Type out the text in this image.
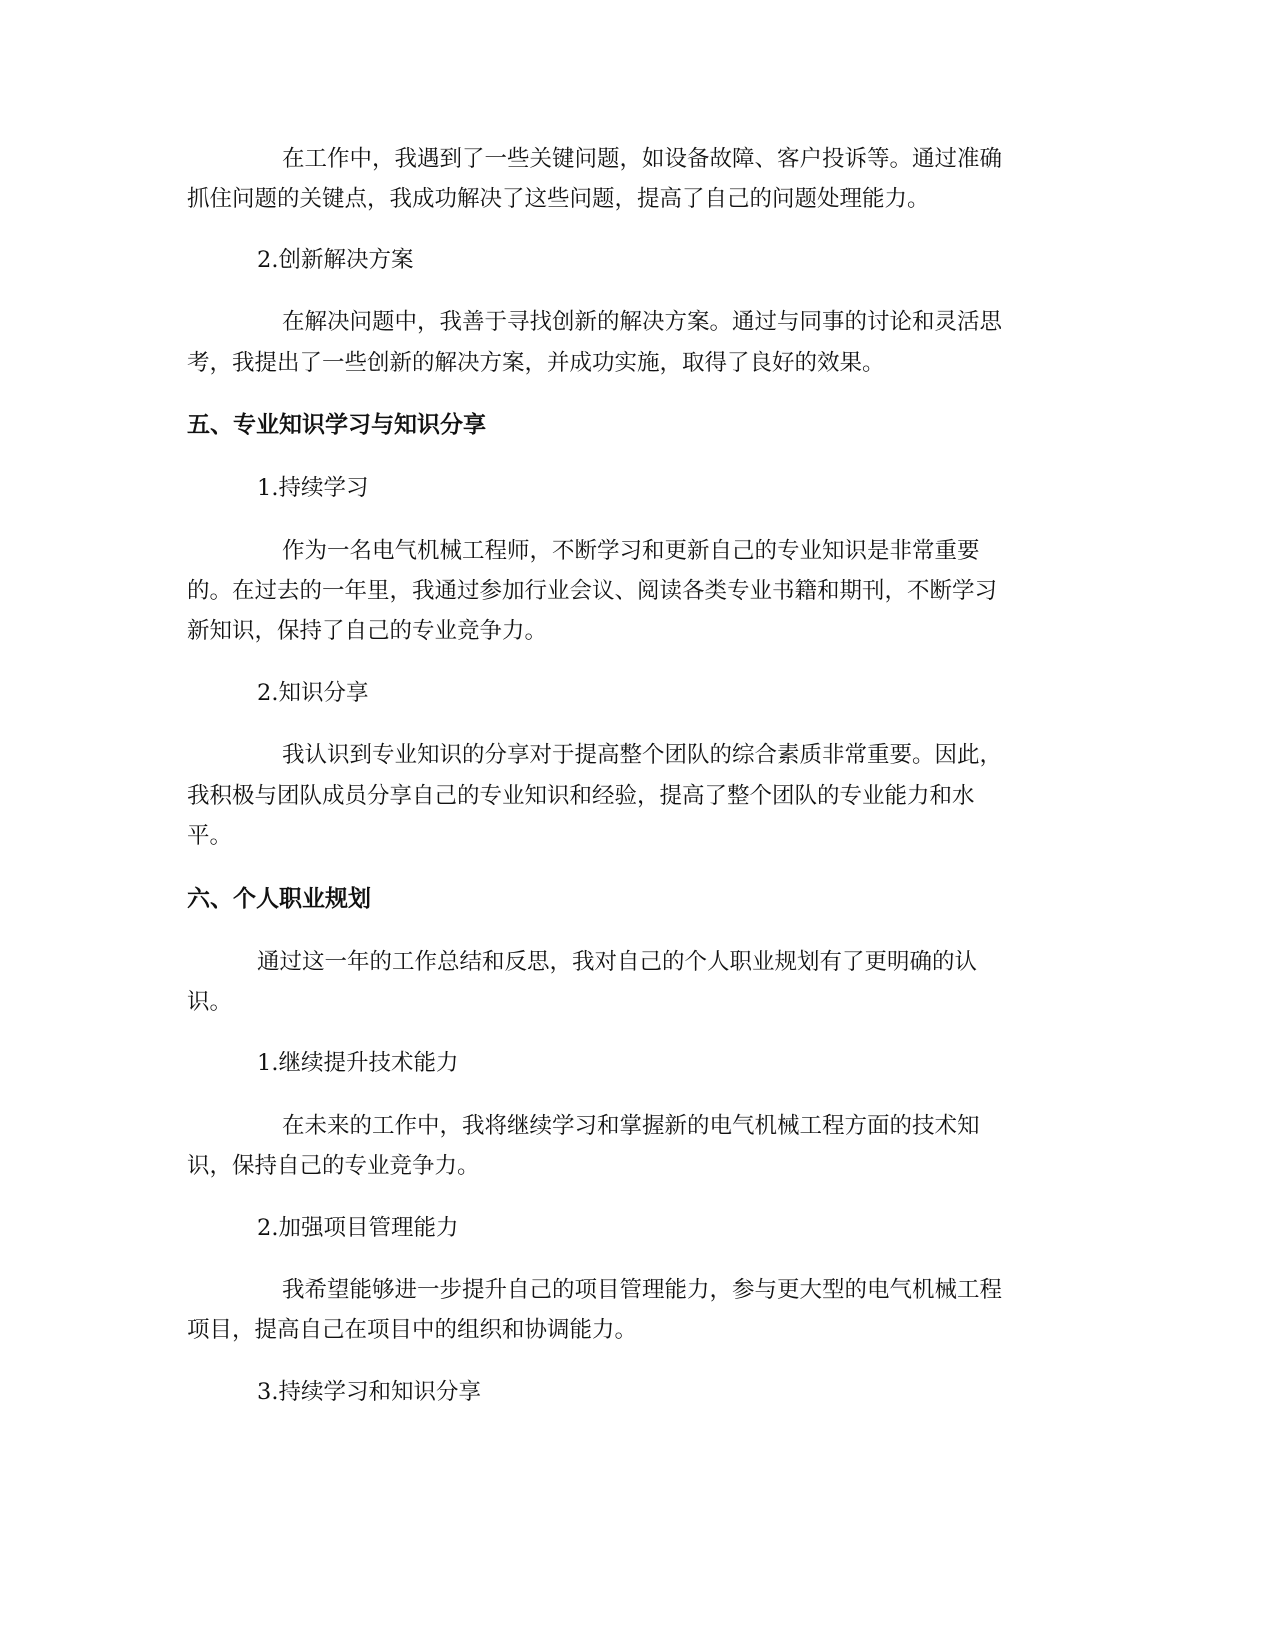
在工作中，我遇到了一些关键问题，如设备故障、客户投诉等。通过准确

抓住问题的关键点，我成功解决了这些问题，提高了自己的问题处理能力。

2.创新解决方案

在解决问题中，我善于寻找创新的解决方案。通过与同事的讨论和灵活思

考，我提出了一些创新的解决方案，并成功实施，取得了良好的效果。

五、专业知识学习与知识分享

1.持续学习

作为一名电气机械工程师，不断学习和更新自己的专业知识是非常重要

的。在过去的一年里，我通过参加行业会议、阅读各类专业书籍和期刊，不断学习

新知识，保持了自己的专业竞争力。

2.知识分享

我认识到专业知识的分享对于提高整个团队的综合素质非常重要。因此，

我积极与团队成员分享自己的专业知识和经验，提高了整个团队的专业能力和水

平。

六、个人职业规划

通过这一年的工作总结和反思，我对自己的个人职业规划有了更明确的认

识。

1.继续提升技术能力

在未来的工作中，我将继续学习和掌握新的电气机械工程方面的技术知

识，保持自己的专业竞争力。

2.加强项目管理能力

我希望能够进一步提升自己的项目管理能力，参与更大型的电气机械工程

项目，提高自己在项目中的组织和协调能力。

3.持续学习和知识分享
